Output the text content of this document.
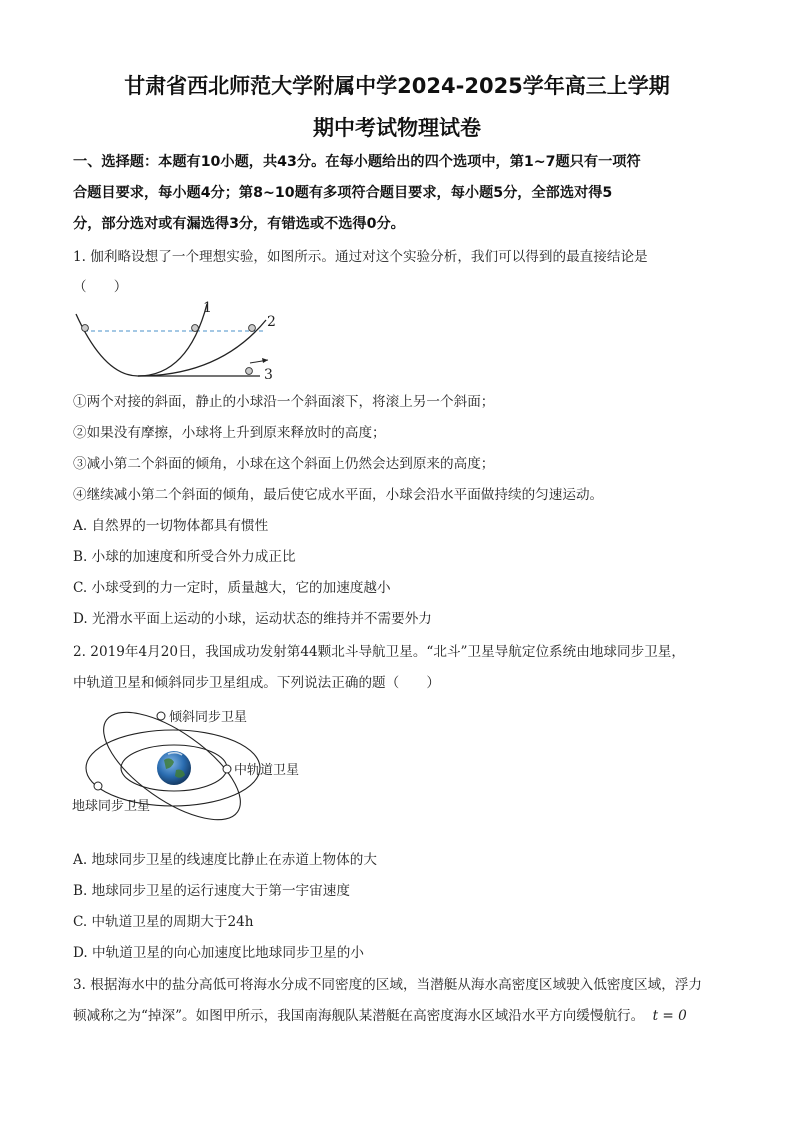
甘肃省西北师范大学附属中学2024-2025学年高三上学期
期中考试物理试卷
一、选择题：本题有10小题，共43分。在每小题给出的四个选项中，第1~7题只有一项符
合题目要求，每小题4分；第8~10题有多项符合题目要求，每小题5分，全部选对得5
分，部分选对或有漏选得3分，有错选或不选得0分。
1. 伽利略设想了一个理想实验，如图所示。通过对这个实验分析，我们可以得到的最直接结论是
（　　）
1
2
3
①两个对接的斜面，静止的小球沿一个斜面滚下，将滚上另一个斜面；
②如果没有摩擦，小球将上升到原来释放时的高度；
③减小第二个斜面的倾角，小球在这个斜面上仍然会达到原来的高度；
④继续减小第二个斜面的倾角，最后使它成水平面，小球会沿水平面做持续的匀速运动。
A. 自然界的一切物体都具有惯性
B. 小球的加速度和所受合外力成正比
C. 小球受到的力一定时，质量越大，它的加速度越小
D. 光滑水平面上运动的小球，运动状态的维持并不需要外力
2. 2019年4月20日，我国成功发射第44颗北斗导航卫星。“北斗”卫星导航定位系统由地球同步卫星，
中轨道卫星和倾斜同步卫星组成。下列说法正确的题（　　）
倾斜同步卫星
中轨道卫星
地球同步卫星
A. 地球同步卫星的线速度比静止在赤道上物体的大
B. 地球同步卫星的运行速度大于第一宇宙速度
C. 中轨道卫星的周期大于24h
D. 中轨道卫星的向心加速度比地球同步卫星的小
3. 根据海水中的盐分高低可将海水分成不同密度的区域，当潜艇从海水高密度区域驶入低密度区域，浮力
顿减称之为“掉深”。如图甲所示，我国南海舰队某潜艇在高密度海水区域沿水平方向缓慢航行。 t = 0
